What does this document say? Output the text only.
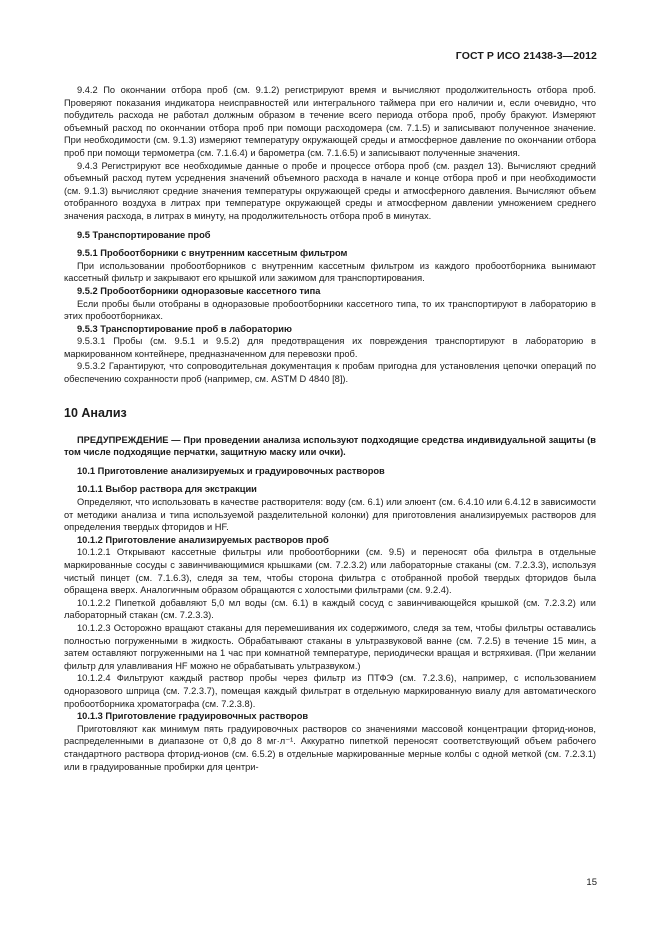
ГОСТ Р ИСО 21438-3—2012

9.4.2 По окончании отбора проб (см. 9.1.2) регистрируют время и вычисляют продолжительность отбора проб. Проверяют показания индикатора неисправностей или интегрального таймера при его наличии и, если очевидно, что побудитель расхода не работал должным образом в течение всего периода отбора проб, пробу бракуют. Измеряют объемный расход по окончании отбора проб при помощи расходомера (см. 7.1.5) и записывают полученное значение. При необходимости (см. 9.1.3) измеряют температуру окружающей среды и атмосферное давление по окончании отбора проб при помощи термометра (см. 7.1.6.4) и барометра (см. 7.1.6.5) и записывают полученные значения.

9.4.3 Регистрируют все необходимые данные о пробе и процессе отбора проб (см. раздел 13). Вычисляют средний объемный расход путем усреднения значений объемного расхода в начале и конце отбора проб и при необходимости (см. 9.1.3) вычисляют средние значения температуры окружающей среды и атмосферного давления. Вычисляют объем отобранного воздуха в литрах при температуре окружающей среды и атмосферном давлении умножением среднего значения расхода, в литрах в минуту, на продолжительность отбора проб в минутах.

9.5 Транспортирование проб

9.5.1 Пробоотборники с внутренним кассетным фильтром

При использовании пробоотборников с внутренним кассетным фильтром из каждого пробоотборника вынимают кассетный фильтр и закрывают его крышкой или зажимом для транспортирования.

9.5.2 Пробоотборники одноразовые кассетного типа

Если пробы были отобраны в одноразовые пробоотборники кассетного типа, то их транспортируют в лабораторию в этих пробоотборниках.

9.5.3 Транспортирование проб в лабораторию

9.5.3.1 Пробы (см. 9.5.1 и 9.5.2) для предотвращения их повреждения транспортируют в лабораторию в маркированном контейнере, предназначенном для перевозки проб.

9.5.3.2 Гарантируют, что сопроводительная документация к пробам пригодна для установления цепочки операций по обеспечению сохранности проб (например, см. ASTM D 4840 [8]).

10 Анализ

ПРЕДУПРЕЖДЕНИЕ — При проведении анализа используют подходящие средства индивидуальной защиты (в том числе подходящие перчатки, защитную маску или очки).

10.1 Приготовление анализируемых и градуировочных растворов

10.1.1 Выбор раствора для экстракции

Определяют, что использовать в качестве растворителя: воду (см. 6.1) или элюент (см. 6.4.10 или 6.4.12 в зависимости от методики анализа и типа используемой разделительной колонки) для приготовления анализируемых растворов для определения твердых фторидов и HF.

10.1.2 Приготовление анализируемых растворов проб

10.1.2.1 Открывают кассетные фильтры или пробоотборники (см. 9.5) и переносят оба фильтра в отдельные маркированные сосуды с завинчивающимися крышками (см. 7.2.3.2) или лабораторные стаканы (см. 7.2.3.3), используя чистый пинцет (см. 7.1.6.3), следя за тем, чтобы сторона фильтра с отобранной пробой твердых фторидов была обращена вверх. Аналогичным образом обращаются с холостыми фильтрами (см. 9.2.4).

10.1.2.2 Пипеткой добавляют 5,0 мл воды (см. 6.1) в каждый сосуд с завинчивающейся крышкой (см. 7.2.3.2) или лабораторный стакан (см. 7.2.3.3).

10.1.2.3 Осторожно вращают стаканы для перемешивания их содержимого, следя за тем, чтобы фильтры оставались полностью погруженными в жидкость. Обрабатывают стаканы в ультразвуковой ванне (см. 7.2.5) в течение 15 мин, а затем оставляют погруженными на 1 час при комнатной температуре, периодически вращая и встряхивая. (При желании фильтр для улавливания HF можно не обрабатывать ультразвуком.)

10.1.2.4 Фильтруют каждый раствор пробы через фильтр из ПТФЭ (см. 7.2.3.6), например, с использованием одноразового шприца (см. 7.2.3.7), помещая каждый фильтрат в отдельную маркированную виалу для автоматического пробоотборника хроматографа (см. 7.2.3.8).

10.1.3 Приготовление градуировочных растворов

Приготовляют как минимум пять градуировочных растворов со значениями массовой концентрации фторид-ионов, распределенными в диапазоне от 0,8 до 8 мг·л⁻¹. Аккуратно пипеткой переносят соответствующий объем рабочего стандартного раствора фторид-ионов (см. 6.5.2) в отдельные маркированные мерные колбы с одной меткой (см. 7.2.3.1) или в градуированные пробирки для центри-

15
